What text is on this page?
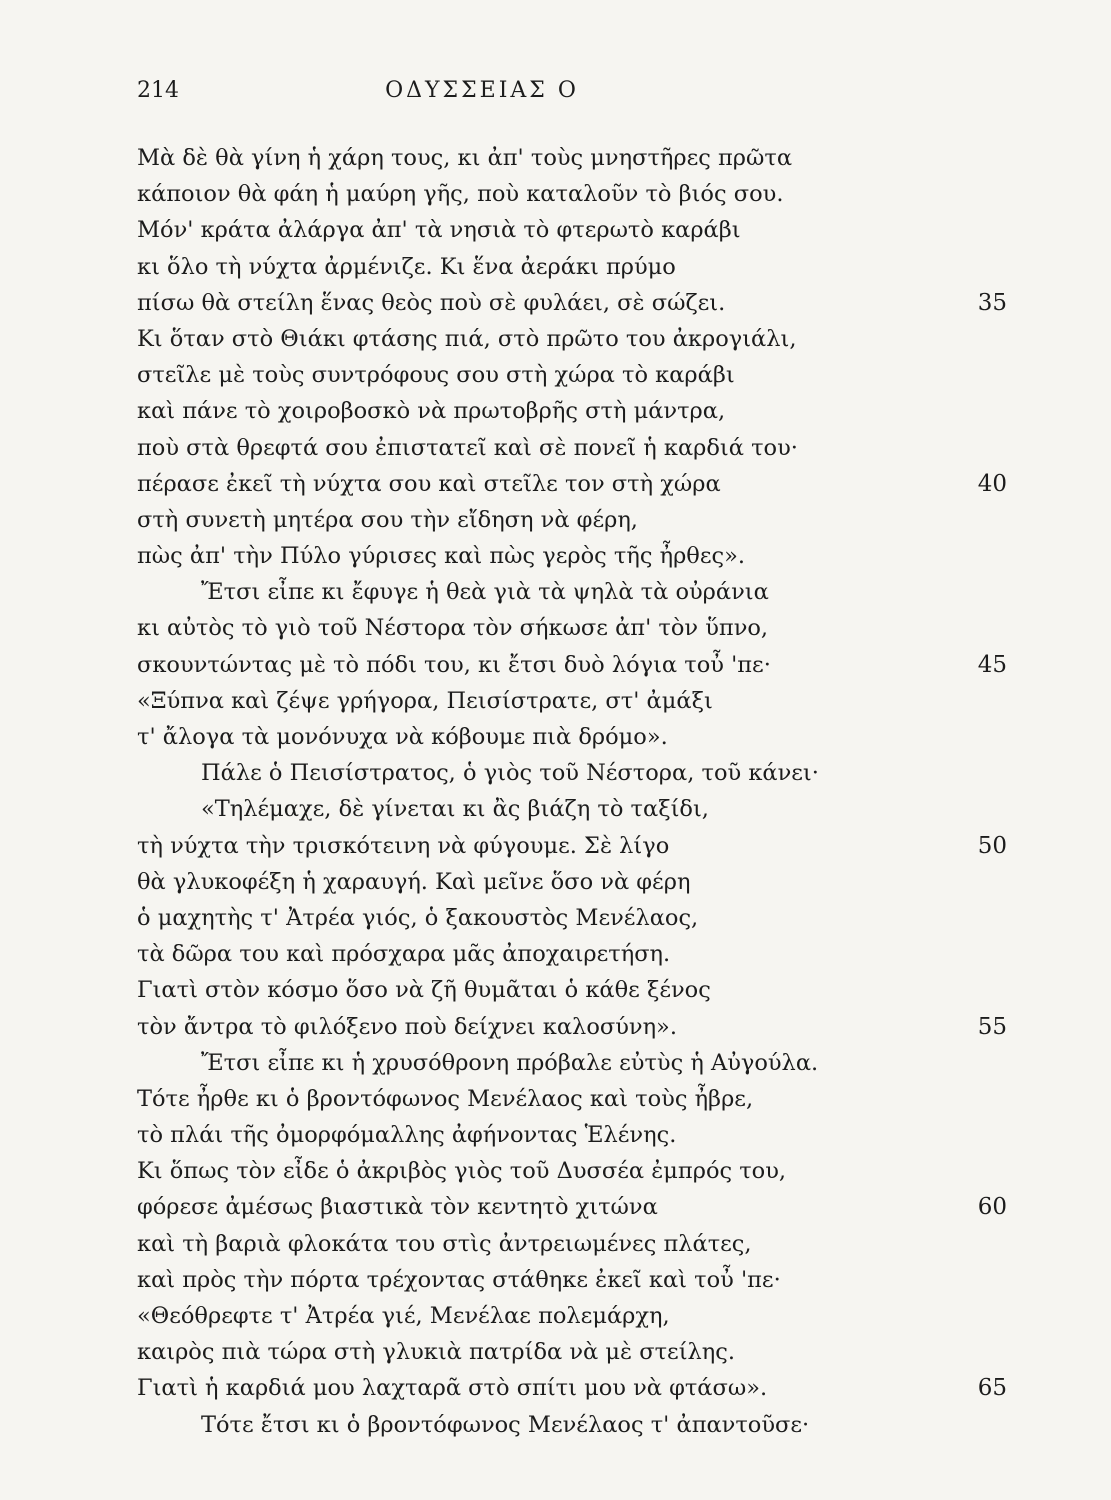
214	ΟΔΥΣΣΕΙΑΣ Ο
Μὰ δὲ θὰ γίνη ἡ χάρη τους, κι ἀπ' τοὺς μνηστῆρες πρῶτα
κάποιον θὰ φάη ἡ μαύρη γῆς, ποὺ καταλοῦν τὸ βιός σου.
Μόν' κράτα ἀλάργα ἀπ' τὰ νησιὰ τὸ φτερωτὸ καράβι
κι ὅλο τὴ νύχτα ἀρμένιζε. Κι ἕνα ἀεράκι πρύμο
πίσω θὰ στείλη ἕνας θεὸς ποὺ σὲ φυλάει, σὲ σώζει.	35
Κι ὅταν στὸ Θιάκι φτάσης πιά, στὸ πρῶτο του ἀκρογιάλι,
στεῖλε μὲ τοὺς συντρόφους σου στὴ χώρα τὸ καράβι
καὶ πάνε τὸ χοιροβοσκὸ νὰ πρωτοβρῆς στὴ μάντρα,
ποὺ στὰ θρεφτά σου ἐπιστατεῖ καὶ σὲ πονεῖ ἡ καρδιά του·
πέρασε ἐκεῖ τὴ νύχτα σου καὶ στεῖλε τον στὴ χώρα	40
στὴ συνετὴ μητέρα σου τὴν εἴδηση νὰ φέρη,
πὼς ἀπ' τὴν Πύλο γύρισες καὶ πὼς γερὸς τῆς ἦρθες».
Ἔτσι εἶπε κι ἔφυγε ἡ θεὰ γιὰ τὰ ψηλὰ τὰ οὐράνια
κι αὐτὸς τὸ γιὸ τοῦ Νέστορα τὸν σήκωσε ἀπ' τὸν ὕπνο,
σκουντώντας μὲ τὸ πόδι του, κι ἔτσι δυὸ λόγια τοὖ 'πε·	45
«Ξύπνα καὶ ζέψε γρήγορα, Πεισίστρατε, στ' ἀμάξι
τ' ἄλογα τὰ μονόνυχα νὰ κόβουμε πιὰ δρόμο».
Πάλε ὁ Πεισίστρατος, ὁ γιὸς τοῦ Νέστορα, τοῦ κάνει·
«Τηλέμαχε, δὲ γίνεται κι ἂς βιάζη τὸ ταξίδι,
τὴ νύχτα τὴν τρισκότεινη νὰ φύγουμε. Σὲ λίγο	50
θὰ γλυκοφέξη ἡ χαραυγή. Καὶ μεῖνε ὅσο νὰ φέρη
ὁ μαχητὴς τ' Ἀτρέα γιός, ὁ ξακουστὸς Μενέλαος,
τὰ δῶρα του καὶ πρόσχαρα μᾶς ἀποχαιρετήση.
Γιατὶ στὸν κόσμο ὅσο νὰ ζῆ θυμᾶται ὁ κάθε ξένος
τὸν ἄντρα τὸ φιλόξενο ποὺ δείχνει καλοσύνη».	55
Ἔτσι εἶπε κι ἡ χρυσόθρονη πρόβαλε εὐτὺς ἡ Αὐγούλα.
Τότε ἦρθε κι ὁ βροντόφωνος Μενέλαος καὶ τοὺς ἦβρε,
τὸ πλάι τῆς ὀμορφόμαλλης ἀφήνοντας Ἑλένης.
Κι ὅπως τὸν εἶδε ὁ ἀκριβὸς γιὸς τοῦ Δυσσέα ἐμπρός του,
φόρεσε ἀμέσως βιαστικὰ τὸν κεντητὸ χιτώνα	60
καὶ τὴ βαριὰ φλοκάτα του στὶς ἀντρειωμένες πλάτες,
καὶ πρὸς τὴν πόρτα τρέχοντας στάθηκε ἐκεῖ καὶ τοὖ 'πε·
«Θεόθρεφτε τ' Ἀτρέα γιέ, Μενέλαε πολεμάρχη,
καιρὸς πιὰ τώρα στὴ γλυκιὰ πατρίδα νὰ μὲ στείλης.
Γιατὶ ἡ καρδιά μου λαχταρᾶ στὸ σπίτι μου νὰ φτάσω».	65
Τότε ἔτσι κι ὁ βροντόφωνος Μενέλαος τ' ἀπαντοῦσε·
